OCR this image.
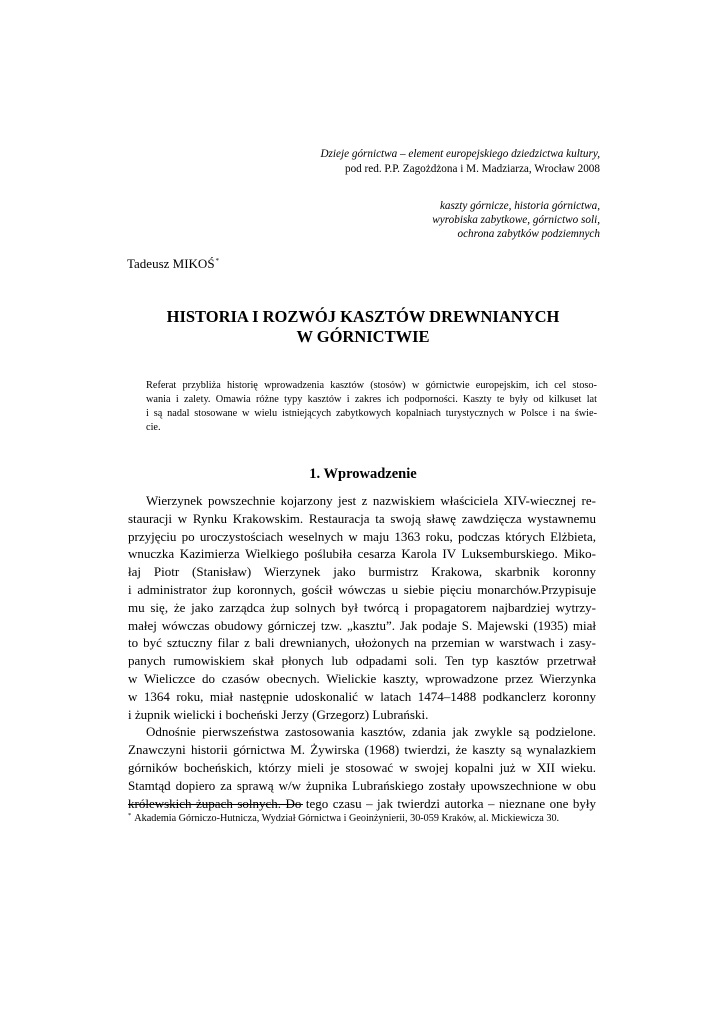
Dzieje górnictwa – element europejskiego dziedzictwa kultury,
pod red. P.P. Zagożdżona i M. Madziarza, Wrocław 2008
kaszty górnicze, historia górnictwa,
wyrobiska zabytkowe, górnictwo soli,
ochrona zabytków podziemnych
Tadeusz MIKOŚ*
HISTORIA I ROZWÓJ KASZTÓW DREWNIANYCH
W GÓRNICTWIE
Referat przybliża historię wprowadzenia kasztów (stosów) w górnictwie europejskim, ich cel stoso-
wania i zalety. Omawia różne typy kasztów i zakres ich podporności. Kaszty te były od kilkuset lat
i są nadal stosowane w wielu istniejących zabytkowych kopalniach turystycznych w Polsce i na świe-
cie.
1. Wprowadzenie
Wierzynek powszechnie kojarzony jest z nazwiskiem właściciela XIV-wiecznej re-
stauracji w Rynku Krakowskim. Restauracja ta swoją sławę zawdzięcza wystawnemu
przyjęciu po uroczystościach weselnych w maju 1363 roku, podczas których Elżbieta,
wnuczka Kazimierza Wielkiego poślubiła cesarza Karola IV Luksemburskiego. Miko-
łaj Piotr (Stanisław) Wierzynek jako burmistrz Krakowa, skarbnik koronny
i administrator żup koronnych, gościł wówczas u siebie pięciu monarchów.Przypisuje
mu się, że jako zarządca żup solnych był twórcą i propagatorem najbardziej wytrzy-
małej wówczas obudowy górniczej tzw. „kasztu”. Jak podaje S. Majewski (1935) miał
to być sztuczny filar z bali drewnianych, ułożonych na przemian w warstwach i zasy-
panych rumowiskiem skał płonych lub odpadami soli. Ten typ kasztów przetrwał
w Wieliczce do czasów obecnych. Wielickie kaszty, wprowadzone przez Wierzynka
w 1364 roku, miał następnie udoskonalić w latach 1474–1488 podkanclerz koronny
i żupnik wielicki i bocheński Jerzy (Grzegorz) Lubrański.
Odnośnie pierwszeństwa zastosowania kasztów, zdania jak zwykle są podzielone.
Znawczyni historii górnictwa M. Żywirska (1968) twierdzi, że kaszty są wynalazkiem
górników bocheńskich, którzy mieli je stosować w swojej kopalni już w XII wieku.
Stamtąd dopiero za sprawą w/w żupnika Lubrańskiego zostały upowszechnione w obu
królewskich żupach solnych. Do tego czasu – jak twierdzi autorka – nieznane one były
* Akademia Górniczo-Hutnicza, Wydział Górnictwa i Geoinżynierii, 30-059 Kraków, al. Mickiewicza 30.
